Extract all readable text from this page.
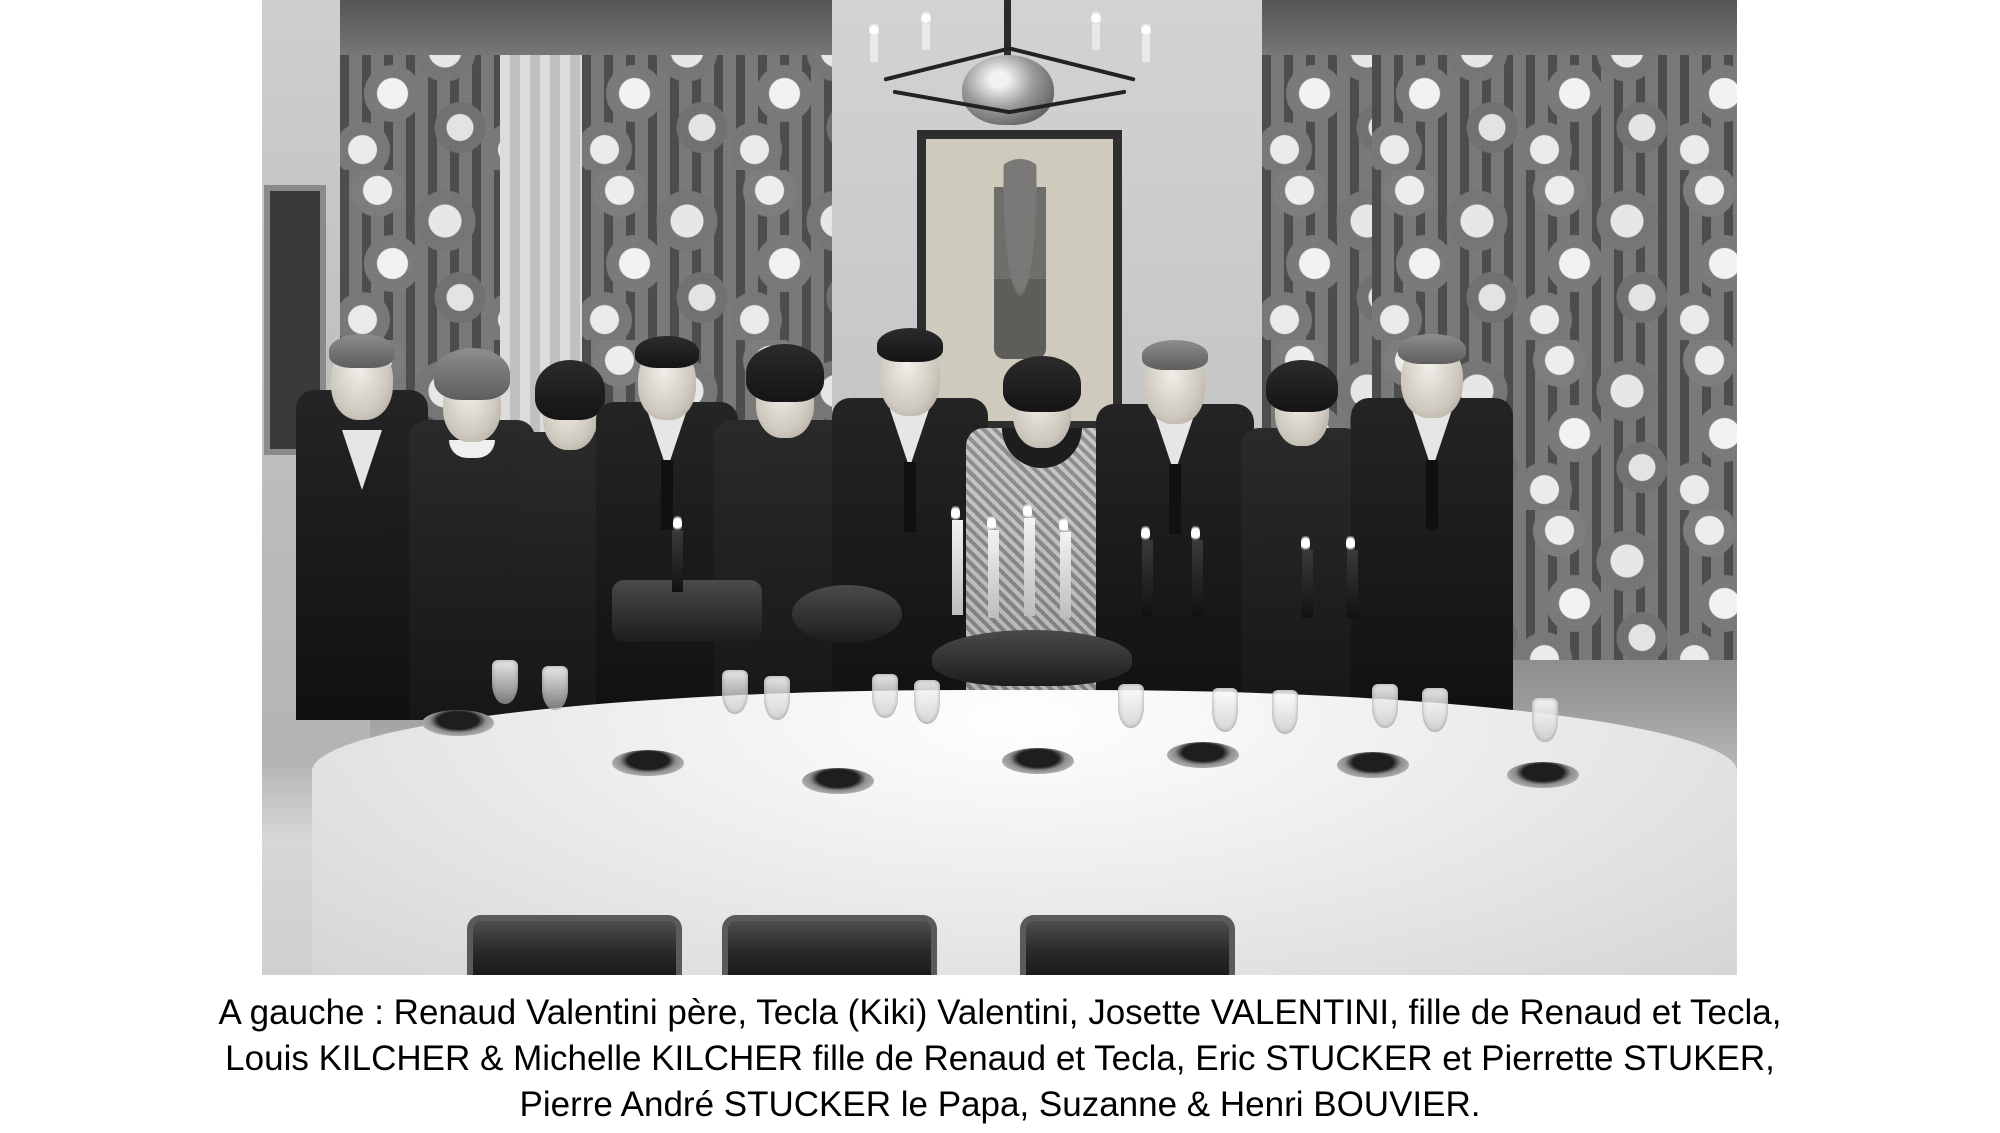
A gauche : Renaud Valentini père, Tecla (Kiki) Valentini, Josette VALENTINI, fille de Renaud et Tecla,
Louis KILCHER & Michelle KILCHER fille de Renaud et Tecla, Eric STUCKER et Pierrette STUKER,
Pierre André STUCKER le Papa, Suzanne & Henri BOUVIER.
